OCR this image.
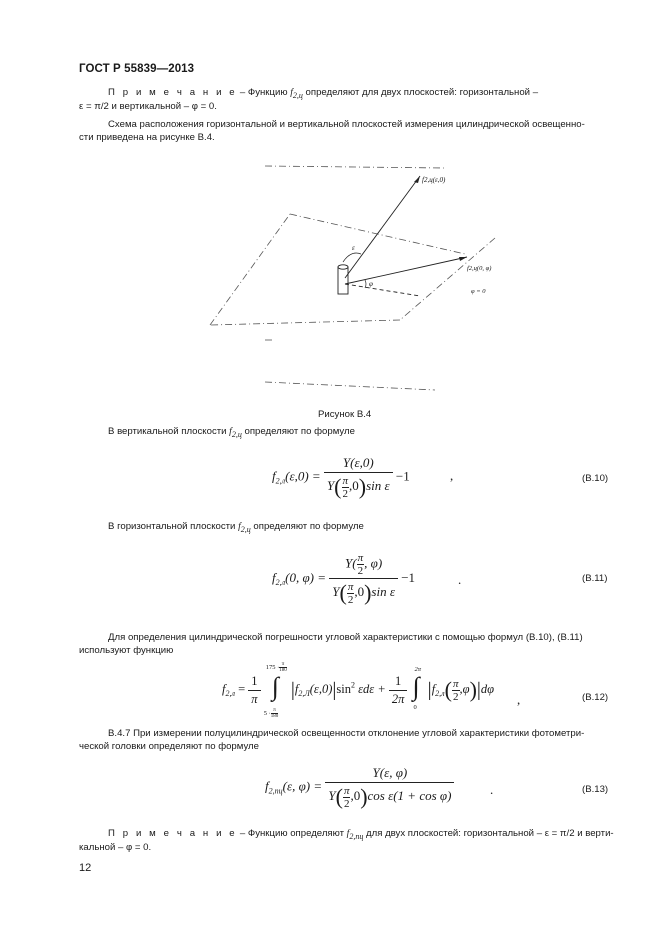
ГОСТ Р 55839—2013
П р и м е ч а н и е – Функцию $f_{2,ц}$ определяют для двух плоскостей: горизонтальной –
ε = π/2 и вертикальной – φ = 0.
Схема расположения горизонтальной и вертикальной плоскостей измерения цилиндрической освещенно-
сти приведена на рисунке В.4.
f2,ц(ε,0)
f2,ц(0, φ)
ε
φ
φ = 0
Рисунок В.4
В вертикальной плоскости $f_{2,ц}$ определяют по формуле
$f_{2,л}(\varepsilon,0) = \frac{Y(\varepsilon,0)}{Y( \frac{\pi}{2} ,0)\sin \varepsilon} -1$	,	(В.10)
В горизонтальной плоскости $f_{2,ц}$ определяют по формуле
$f_{2,л}(0$, $\varphi) = \frac{Y( \frac{\pi}{2} , \varphi)}{Y( \frac{\pi}{2} ,0)\sin \varepsilon} -1$	.	(В.11)
Для определения цилиндрической погрешности угловой характеристики с помощью формул (В.10), (В.11)
используют функцию
$f_{2,л} = \frac{1}{\pi}$

$175 \cdot \frac{\pi}{180}$
∫
$5 \cdot \frac{\pi}{180}$
$|f_{2,Л}(\varepsilon,0)|\sin^2$ $\varepsilon d\varepsilon + \frac{1}{2\pi}$

2π
∫
0
$|f_{2,л}( \frac{\pi}{2} ,\varphi)|d\varphi$
,	(В.12)
В.4.7 При измерении полуцилиндрической освещенности отклонение угловой характеристики фотометри-
ческой головки определяют по формуле
$f_{2,пц}(\varepsilon$, $\varphi) = \frac{Y(\varepsilon, \varphi)}{Y( \frac{\pi}{2} ,0)\cos \varepsilon(1 + \cos \varphi)}$	.	(В.13)
П р и м е ч а н и е – Функцию определяют $f_{2,пц}$ для двух плоскостей: горизонтальной – ε = π/2 и верти-
кальной – φ = 0.
12
